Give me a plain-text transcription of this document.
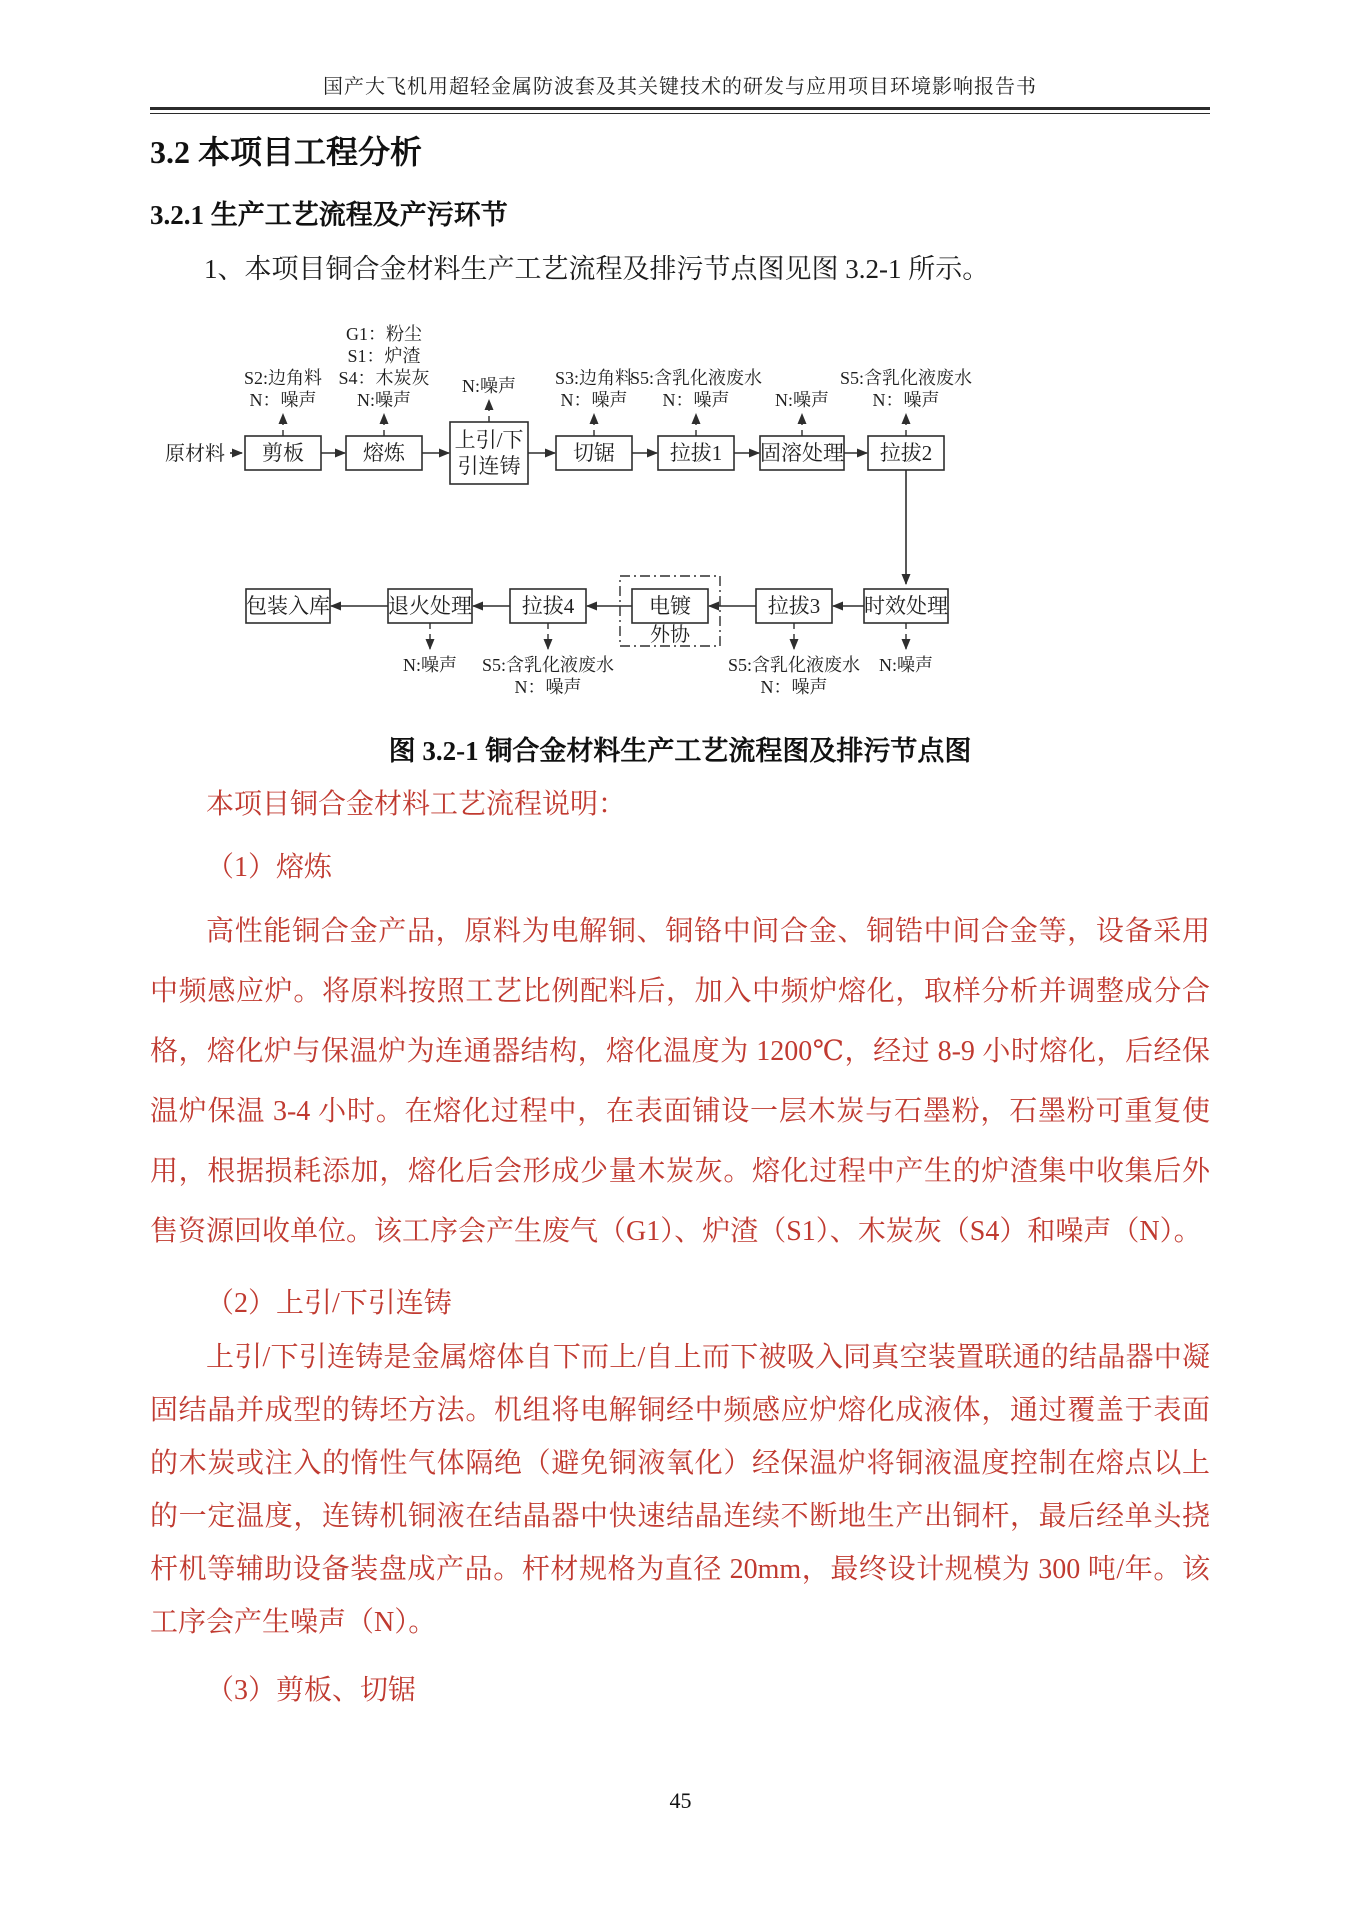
国产大飞机用超轻金属防波套及其关键技术的研发与应用项目环境影响报告书
3.2 本项目工程分析
3.2.1 生产工艺流程及产污环节

1、本项目铜合金材料生产工艺流程及排污节点图见图 3.2-1 所示。

原材料 剪板
S2:边角料
N：噪声
熔炼
G1：粉尘
S1：炉渣
S4：木炭灰
N:噪声
上引/下
引连铸
N:噪声
切锯
S3:边角料
N：噪声
拉拔1
S5:含乳化液废水
N：噪声
固溶处理
N:噪声
拉拔2
S5:含乳化液废水
N：噪声
时效处理
N:噪声
拉拔3
S5:含乳化液废水
N：噪声
电镀
外协
拉拔4
S5:含乳化液废水
N：噪声
退火处理
N:噪声
包装入库

图 3.2-1 铜合金材料生产工艺流程图及排污节点图

本项目铜合金材料工艺流程说明：

（1）熔炼

高性能铜合金产品，原料为电解铜、铜铬中间合金、铜锆中间合金等，设备采用中频感应炉。将原料按照工艺比例配料后，加入中频炉熔化，取样分析并调整成分合格，熔化炉与保温炉为连通器结构，熔化温度为 1200℃，经过 8-9 小时熔化，后经保温炉保温 3-4 小时。在熔化过程中，在表面铺设一层木炭与石墨粉，石墨粉可重复使用，根据损耗添加，熔化后会形成少量木炭灰。熔化过程中产生的炉渣集中收集后外售资源回收单位。该工序会产生废气（G1）、炉渣（S1）、木炭灰（S4）和噪声（N）。

（2）上引/下引连铸

上引/下引连铸是金属熔体自下而上/自上而下被吸入同真空装置联通的结晶器中凝固结晶并成型的铸坯方法。机组将电解铜经中频感应炉熔化成液体，通过覆盖于表面的木炭或注入的惰性气体隔绝（避免铜液氧化）经保温炉将铜液温度控制在熔点以上的一定温度，连铸机铜液在结晶器中快速结晶连续不断地生产出铜杆，最后经单头挠杆机等辅助设备装盘成产品。杆材规格为直径 20mm，最终设计规模为 300 吨/年。该工序会产生噪声（N）。

（3）剪板、切锯

45
